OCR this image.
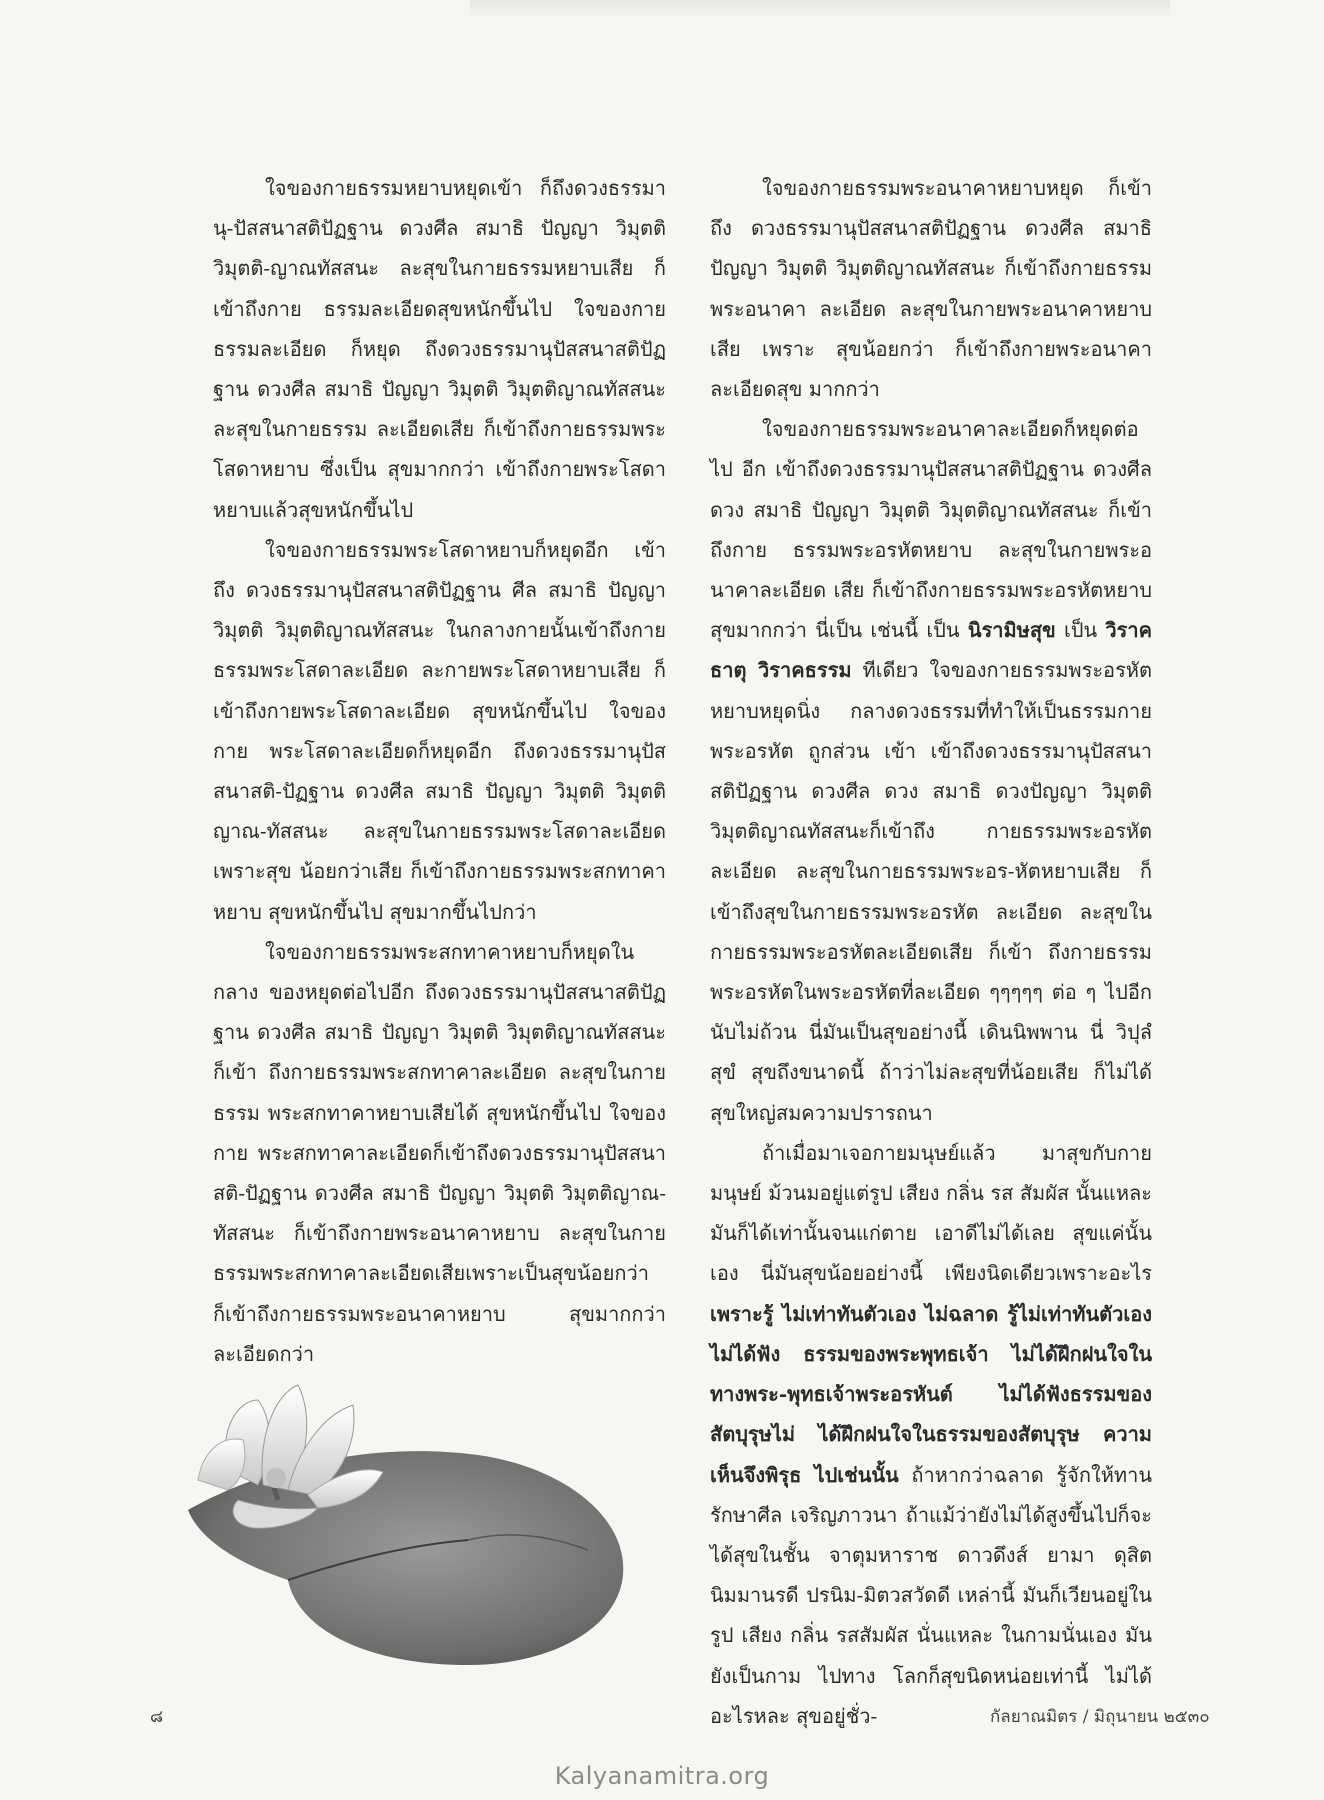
ใจของกายธรรมหยาบหยุดเข้า ก็ถึงดวงธรรมานุ-ปัสสนาสติปัฏฐาน ดวงศีล สมาธิ ปัญญา วิมุตติ วิมุตติ-ญาณทัสสนะ ละสุขในกายธรรมหยาบเสีย ก็เข้าถึงกาย ธรรมละเอียดสุขหนักขึ้นไป ใจของกายธรรมละเอียด ก็หยุด ถึงดวงธรรมานุปัสสนาสติปัฏฐาน ดวงศีล สมาธิ ปัญญา วิมุตติ วิมุตติญาณทัสสนะ ละสุขในกายธรรม ละเอียดเสีย ก็เข้าถึงกายธรรมพระโสดาหยาบ ซึ่งเป็น สุขมากกว่า เข้าถึงกายพระโสดาหยาบแล้วสุขหนักขึ้นไป

ใจของกายธรรมพระโสดาหยาบก็หยุดอีก เข้าถึง ดวงธรรมานุปัสสนาสติปัฏฐาน ศีล สมาธิ ปัญญา วิมุตติ วิมุตติญาณทัสสนะ ในกลางกายนั้นเข้าถึงกาย ธรรมพระโสดาละเอียด ละกายพระโสดาหยาบเสีย ก็เข้าถึงกายพระโสดาละเอียด สุขหนักขึ้นไป ใจของกาย พระโสดาละเอียดก็หยุดอีก ถึงดวงธรรมานุปัสสนาสติ-ปัฏฐาน ดวงศีล สมาธิ ปัญญา วิมุตติ วิมุตติญาณ-ทัสสนะ ละสุขในกายธรรมพระโสดาละเอียด เพราะสุข น้อยกว่าเสีย ก็เข้าถึงกายธรรมพระสกทาคาหยาบ สุขหนักขึ้นไป สุขมากขึ้นไปกว่า

ใจของกายธรรมพระสกทาคาหยาบก็หยุดในกลาง ของหยุดต่อไปอีก ถึงดวงธรรมานุปัสสนาสติปัฏฐาน ดวงศีล สมาธิ ปัญญา วิมุตติ วิมุตติญาณทัสสนะ ก็เข้า ถึงกายธรรมพระสกทาคาละเอียด ละสุขในกายธรรม พระสกทาคาหยาบเสียได้ สุขหนักขึ้นไป ใจของกาย พระสกทาคาละเอียดก็เข้าถึงดวงธรรมานุปัสสนาสติ-ปัฏฐาน ดวงศีล สมาธิ ปัญญา วิมุตติ วิมุตติญาณ-ทัสสนะ ก็เข้าถึงกายพระอนาคาหยาบ ละสุขในกาย ธรรมพระสกทาคาละเอียดเสียเพราะเป็นสุขน้อยกว่า ก็เข้าถึงกายธรรมพระอนาคาหยาบ สุขมากกว่า ละเอียดกว่า

ใจของกายธรรมพระอนาคาหยาบหยุด ก็เข้าถึง ดวงธรรมานุปัสสนาสติปัฏฐาน ดวงศีล สมาธิ ปัญญา วิมุตติ วิมุตติญาณทัสสนะ ก็เข้าถึงกายธรรมพระอนาคา ละเอียด ละสุขในกายพระอนาคาหยาบเสีย เพราะ สุขน้อยกว่า ก็เข้าถึงกายพระอนาคาละเอียดสุข มากกว่า

ใจของกายธรรมพระอนาคาละเอียดก็หยุดต่อไป อีก เข้าถึงดวงธรรมานุปัสสนาสติปัฏฐาน ดวงศีล ดวง สมาธิ ปัญญา วิมุตติ วิมุตติญาณทัสสนะ ก็เข้าถึงกาย ธรรมพระอรหัตหยาบ ละสุขในกายพระอนาคาละเอียด เสีย ก็เข้าถึงกายธรรมพระอรหัตหยาบ สุขมากกว่า นี่เป็น เช่นนี้ เป็น นิรามิษสุข เป็น วิราคธาตุ วิราคธรรม ทีเดียว ใจของกายธรรมพระอรหัตหยาบหยุดนิ่ง กลางดวงธรรมที่ทำให้เป็นธรรมกายพระอรหัต ถูกส่วน เข้า เข้าถึงดวงธรรมานุปัสสนาสติปัฏฐาน ดวงศีล ดวง สมาธิ ดวงปัญญา วิมุตติ วิมุตติญาณทัสสนะก็เข้าถึง กายธรรมพระอรหัตละเอียด ละสุขในกายธรรมพระอร-หัตหยาบเสีย ก็เข้าถึงสุขในกายธรรมพระอรหัต ละเอียด ละสุขในกายธรรมพระอรหัตละเอียดเสีย ก็เข้า ถึงกายธรรมพระอรหัตในพระอรหัตที่ละเอียด ๆๆๆๆๆ ต่อ ๆ ไปอีกนับไม่ถ้วน นี่มันเป็นสุขอย่างนี้ เดินนิพพาน นี่ วิปุลํ สุขํ สุขถึงขนาดนี้ ถ้าว่าไม่ละสุขที่น้อยเสีย ก็ไม่ได้ สุขใหญ่สมความปรารถนา

ถ้าเมื่อมาเจอกายมนุษย์แล้ว มาสุขกับกาย มนุษย์ ม้วนมอยู่แต่รูป เสียง กลิ่น รส สัมผัส นั้นแหละ มันก็ได้เท่านั้นจนแก่ตาย เอาดีไม่ได้เลย สุขแค่นั้นเอง นี่มันสุขน้อยอย่างนี้ เพียงนิดเดียวเพราะอะไร เพราะรู้ ไม่เท่าทันตัวเอง ไม่ฉลาด รู้ไม่เท่าทันตัวเอง ไม่ได้ฟัง ธรรมของพระพุทธเจ้า ไม่ได้ฝึกฝนใจในทางพระ-พุทธเจ้าพระอรหันต์ ไม่ได้ฟังธรรมของสัตบุรุษไม่ ได้ฝึกฝนใจในธรรมของสัตบุรุษ ความเห็นจึงพิรุธ ไปเช่นนั้น ถ้าหากว่าฉลาด รู้จักให้ทานรักษาศีล เจริญภาวนา ถ้าแม้ว่ายังไม่ได้สูงขึ้นไปก็จะได้สุขในชั้น จาตุมหาราช ดาวดึงส์ ยามา ดุสิต นิมมานรดี ปรนิม-มิตวสวัดดี เหล่านี้ มันก็เวียนอยู่ในรูป เสียง กลิ่น รสสัมผัส นั่นแหละ ในกามนั่นเอง มันยังเป็นกาม ไปทาง โลกก็สุขนิดหน่อยเท่านี้ ไม่ได้อะไรหละ สุขอยู่ชั่ว-

๘	กัลยาณมิตร / มิถุนายน ๒๕๓๐
Kalyanamitra.org
